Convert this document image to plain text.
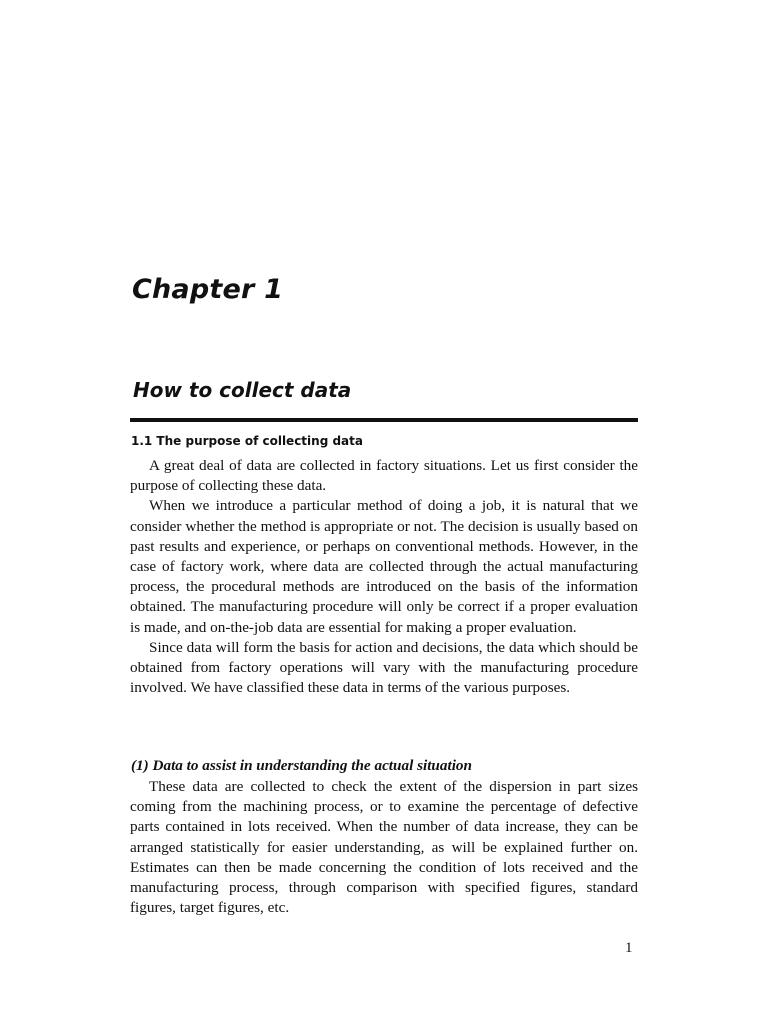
Chapter 1
How to collect data
1.1 The purpose of collecting data

A great deal of data are collected in factory situations. Let us first consider the purpose of collecting these data.

When we introduce a particular method of doing a job, it is natural that we consider whether the method is appropriate or not. The decision is usually based on past results and experience, or perhaps on conventional methods. However, in the case of factory work, where data are collected through the actual manufacturing process, the procedural methods are introduced on the basis of the information obtained. The manufacturing procedure will only be correct if a proper evaluation is made, and on-the-job data are essential for making a proper evaluation.

Since data will form the basis for action and decisions, the data which should be obtained from factory operations will vary with the manufacturing procedure involved. We have classified these data in terms of the various purposes.

(1) Data to assist in understanding the actual situation

These data are collected to check the extent of the dispersion in part sizes coming from the machining process, or to examine the percentage of defective parts contained in lots received. When the number of data increase, they can be arranged statistically for easier understanding, as will be explained further on. Estimates can then be made concerning the condition of lots received and the manufacturing process, through comparison with specified figures, standard figures, target figures, etc.

1
